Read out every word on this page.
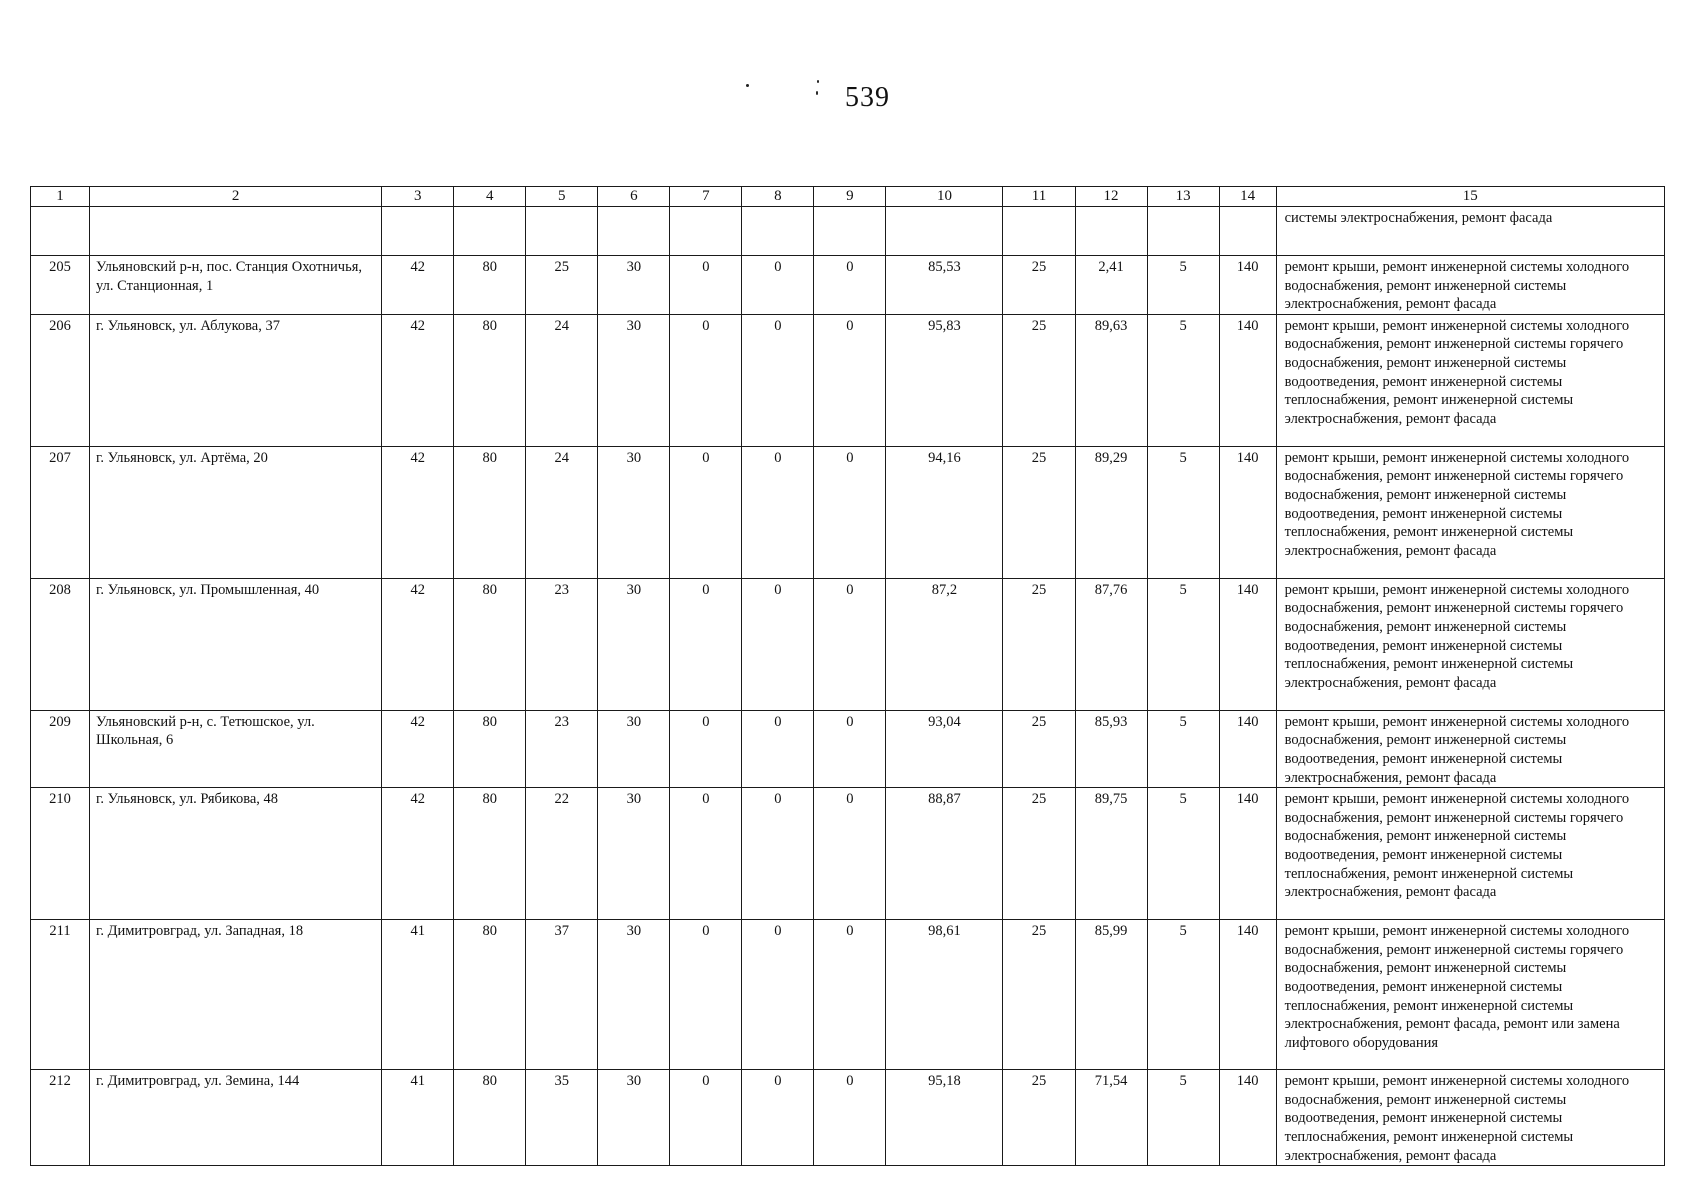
539
1	2	3	4	5	6	7	8	9	10	11	12	13	14	15
														системы электроснабжения, ремонт фасада
205	Ульяновский р-н, пос. Станция Охотничья, ул. Станционная, 1	42	80	25	30	0	0	0	85,53	25	2,41	5	140	ремонт крыши, ремонт инженерной системы холодного водоснабжения, ремонт инженерной системы электроснабжения, ремонт фасада
206	г. Ульяновск, ул. Аблукова, 37	42	80	24	30	0	0	0	95,83	25	89,63	5	140	ремонт крыши, ремонт инженерной системы холодного водоснабжения, ремонт инженерной системы горячего водоснабжения, ремонт инженерной системы водоотведения, ремонт инженерной системы теплоснабжения, ремонт инженерной системы электроснабжения, ремонт фасада
207	г. Ульяновск, ул. Артёма, 20	42	80	24	30	0	0	0	94,16	25	89,29	5	140	ремонт крыши, ремонт инженерной системы холодного водоснабжения, ремонт инженерной системы горячего водоснабжения, ремонт инженерной системы водоотведения, ремонт инженерной системы теплоснабжения, ремонт инженерной системы электроснабжения, ремонт фасада
208	г. Ульяновск, ул. Промышленная, 40	42	80	23	30	0	0	0	87,2	25	87,76	5	140	ремонт крыши, ремонт инженерной системы холодного водоснабжения, ремонт инженерной системы горячего водоснабжения, ремонт инженерной системы водоотведения, ремонт инженерной системы теплоснабжения, ремонт инженерной системы электроснабжения, ремонт фасада
209	Ульяновский р-н, с. Тетюшское, ул. Школьная, 6	42	80	23	30	0	0	0	93,04	25	85,93	5	140	ремонт крыши, ремонт инженерной системы холодного водоснабжения, ремонт инженерной системы водоотведения, ремонт инженерной системы электроснабжения, ремонт фасада
210	г. Ульяновск, ул. Рябикова, 48	42	80	22	30	0	0	0	88,87	25	89,75	5	140	ремонт крыши, ремонт инженерной системы холодного водоснабжения, ремонт инженерной системы горячего водоснабжения, ремонт инженерной системы водоотведения, ремонт инженерной системы теплоснабжения, ремонт инженерной системы электроснабжения, ремонт фасада
211	г. Димитровград, ул. Западная, 18	41	80	37	30	0	0	0	98,61	25	85,99	5	140	ремонт крыши, ремонт инженерной системы холодного водоснабжения, ремонт инженерной системы горячего водоснабжения, ремонт инженерной системы водоотведения, ремонт инженерной системы теплоснабжения, ремонт инженерной системы электроснабжения, ремонт фасада, ремонт или замена лифтового оборудования
212	г. Димитровград, ул. Земина, 144	41	80	35	30	0	0	0	95,18	25	71,54	5	140	ремонт крыши, ремонт инженерной системы холодного водоснабжения, ремонт инженерной системы водоотведения, ремонт инженерной системы теплоснабжения, ремонт инженерной системы электроснабжения, ремонт фасада
